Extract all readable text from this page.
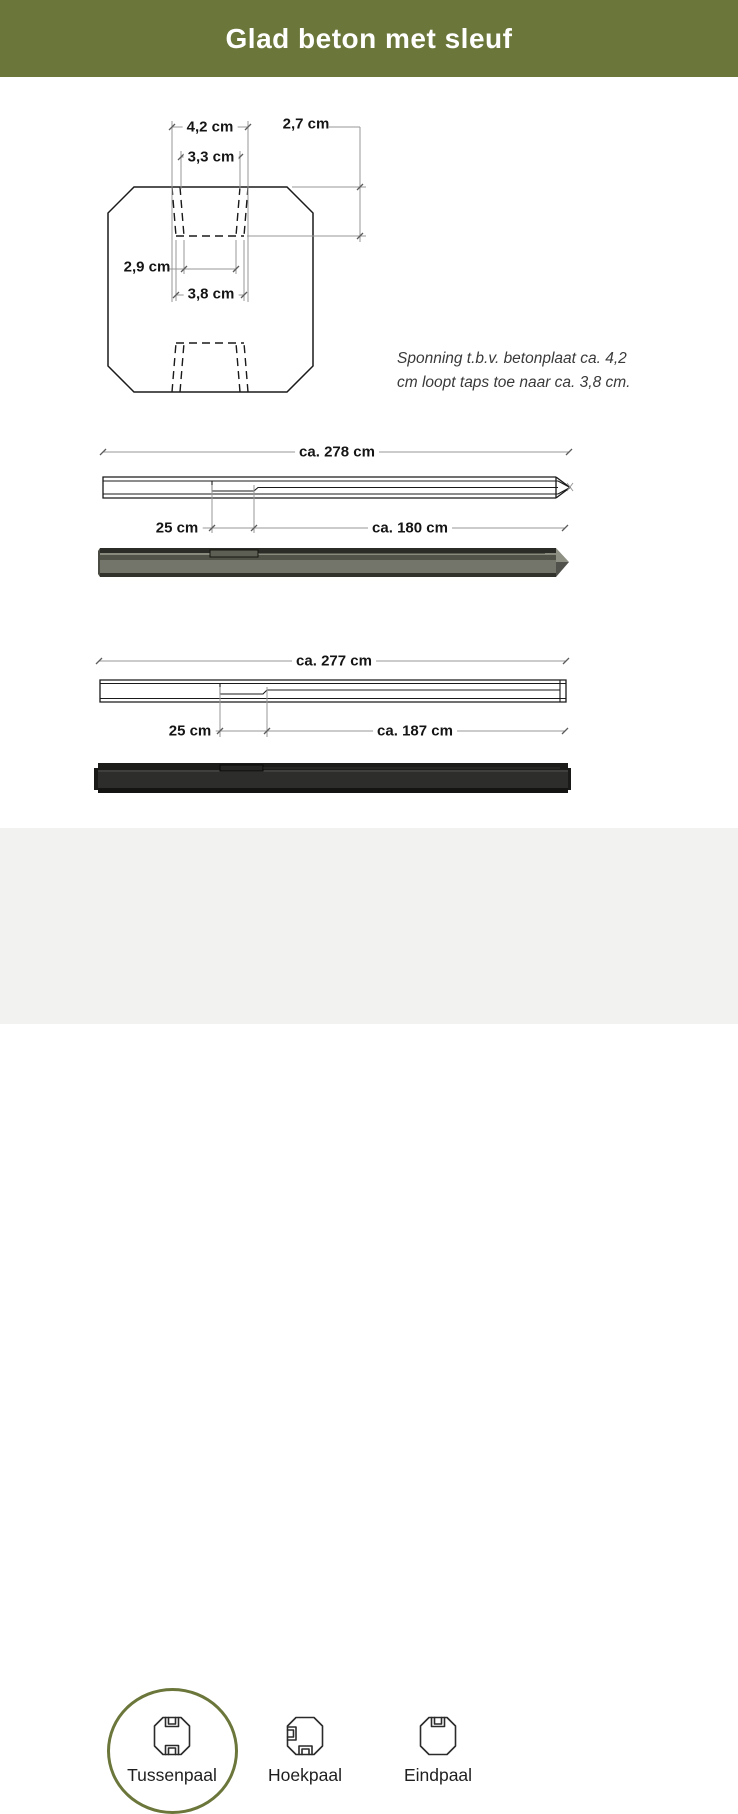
Glad beton met sleuf
4,2 cm	2,7 cm
3,3 cm
2,9 cm
3,8 cm
Sponning t.b.v. betonplaat ca. 4,2
cm loopt taps toe naar ca. 3,8 cm.
ca. 278 cm
25 cm	ca. 180 cm
ca. 277 cm
25 cm	ca. 187 cm
Tussenpaal	Hoekpaal	Eindpaal
